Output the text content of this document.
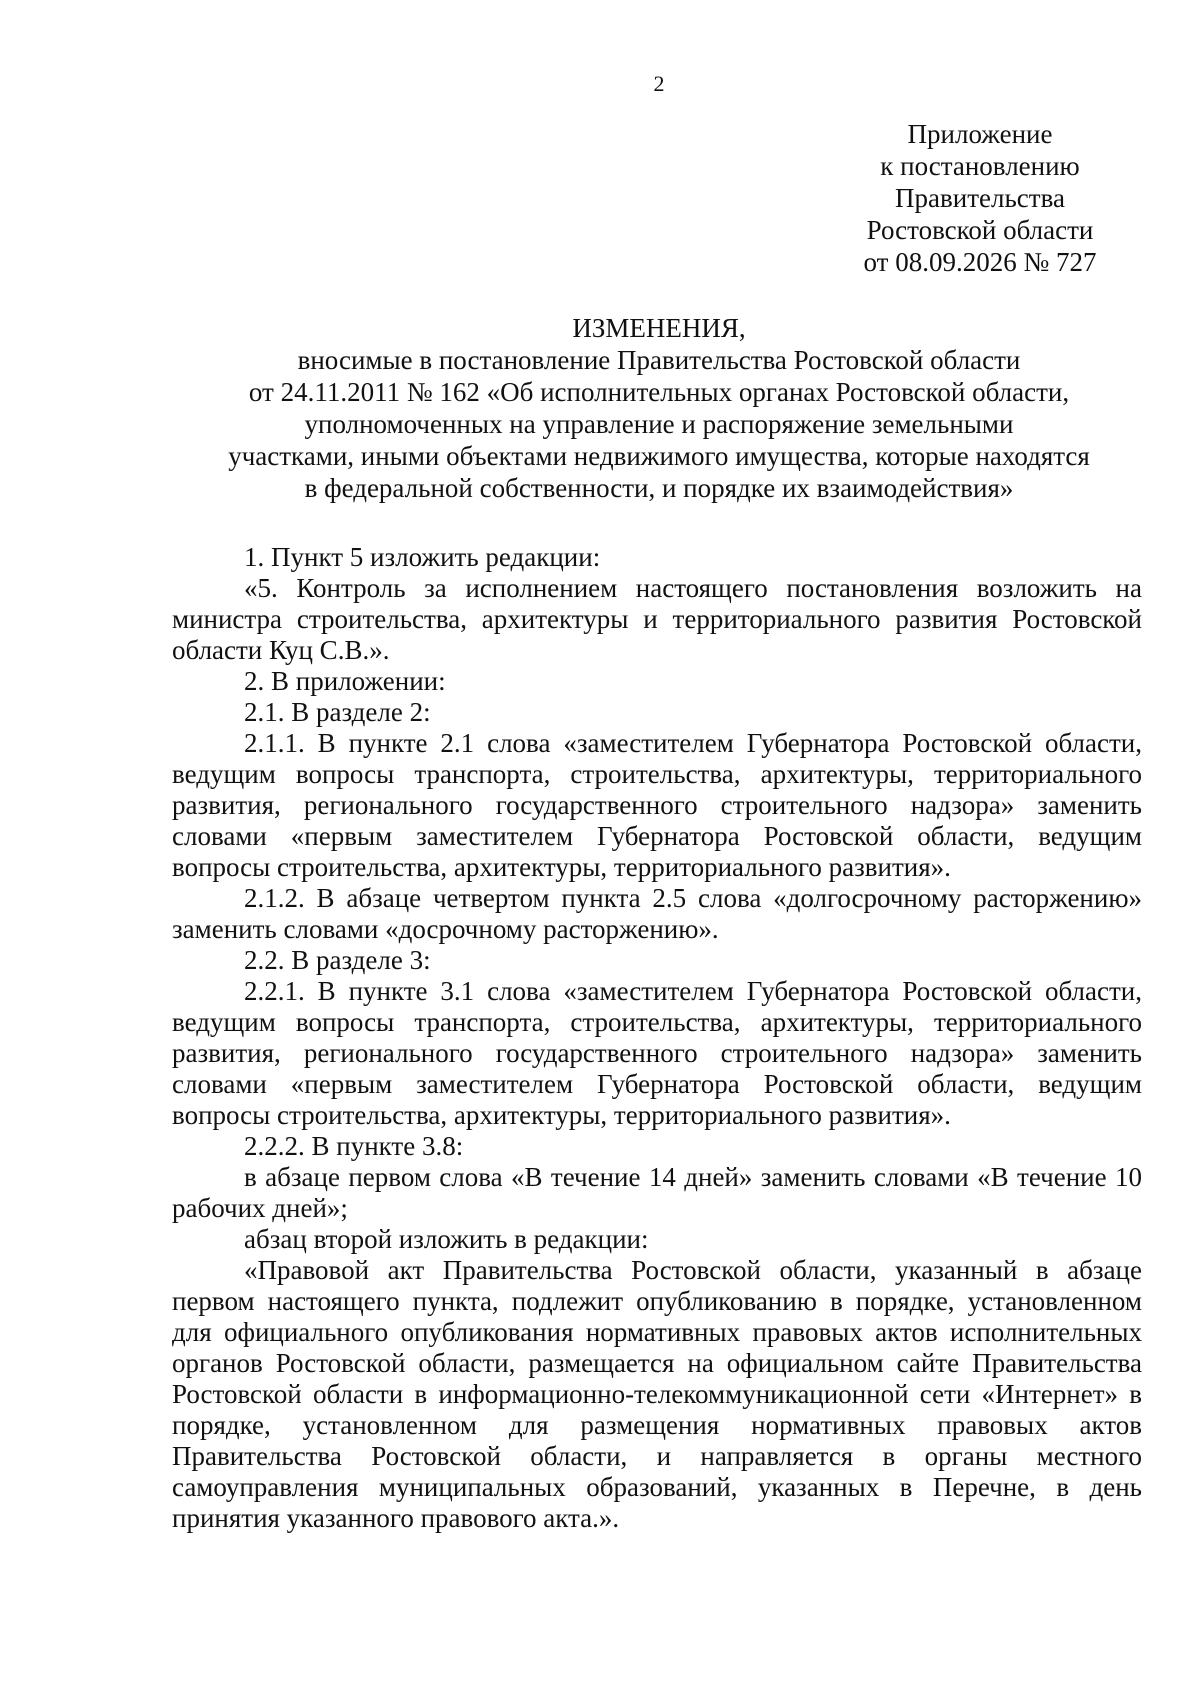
2
Приложение
к постановлению
Правительства
Ростовской области
от 08.09.2026 № 727
ИЗМЕНЕНИЯ,
вносимые в постановление Правительства Ростовской области
от 24.11.2011 № 162 «Об исполнительных органах Ростовской области,
уполномоченных на управление и распоряжение земельными
участками, иными объектами недвижимого имущества, которые находятся
в федеральной собственности, и порядке их взаимодействия»

1. Пункт 5 изложить редакции:

«5. Контроль за исполнением настоящего постановления возложить на министра строительства, архитектуры и территориального развития Ростовской области Куц С.В.».

2. В приложении:

2.1. В разделе 2:

2.1.1. В пункте 2.1 слова «заместителем Губернатора Ростовской области, ведущим вопросы транспорта, строительства, архитектуры, территориального развития, регионального государственного строительного надзора» заменить словами «первым заместителем Губернатора Ростовской области, ведущим вопросы строительства, архитектуры, территориального развития».

2.1.2. В абзаце четвертом пункта 2.5 слова «долгосрочному расторжению» заменить словами «досрочному расторжению».

2.2. В разделе 3:

2.2.1. В пункте 3.1 слова «заместителем Губернатора Ростовской области, ведущим вопросы транспорта, строительства, архитектуры, территориального развития, регионального государственного строительного надзора» заменить словами «первым заместителем Губернатора Ростовской области, ведущим вопросы строительства, архитектуры, территориального развития».

2.2.2. В пункте 3.8:

в абзаце первом слова «В течение 14 дней» заменить словами «В течение 10 рабочих дней»;

абзац второй изложить в редакции:

«Правовой акт Правительства Ростовской области, указанный в абзаце первом настоящего пункта, подлежит опубликованию в порядке, установленном для официального опубликования нормативных правовых актов исполнительных органов Ростовской области, размещается на официальном сайте Правительства Ростовской области в информационно-телекоммуникационной сети «Интернет» в порядке, установленном для размещения нормативных правовых актов Правительства Ростовской области, и направляется в органы местного самоуправления муниципальных образований, указанных в Перечне, в день принятия указанного правового акта.».
